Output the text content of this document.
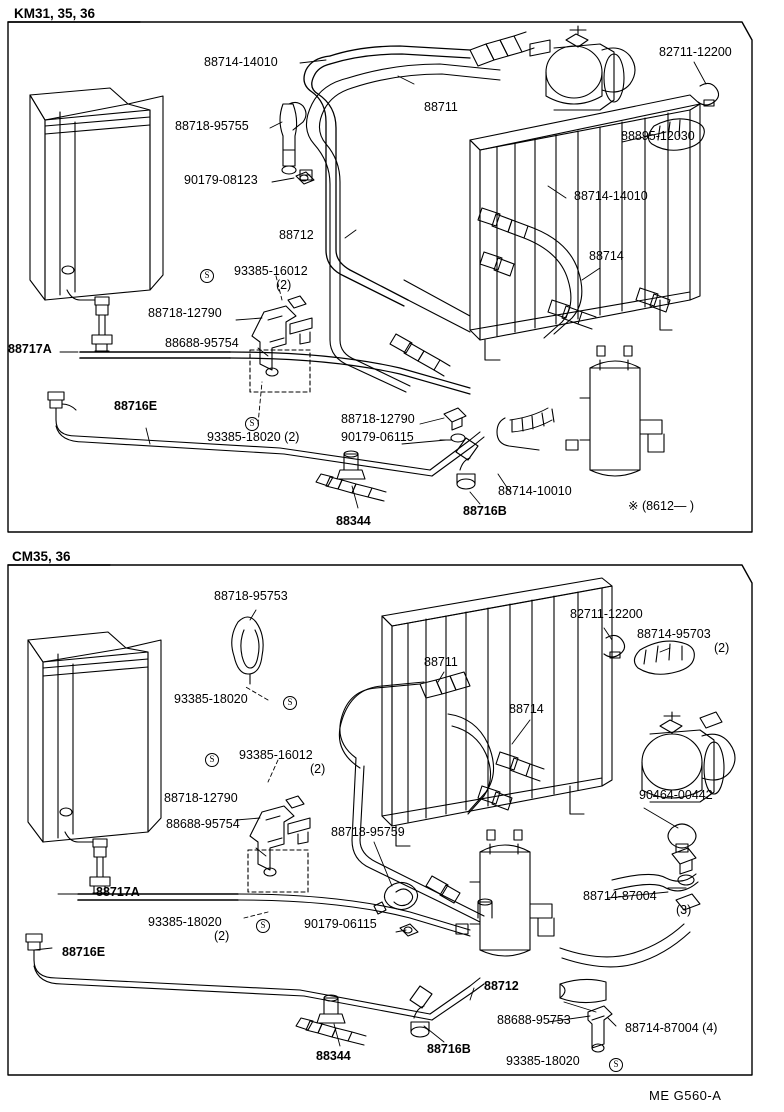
KM31, 35, 36
88714-14010
82711-12200
88711
88718-95755
88895-12030
90179-08123
88714-14010
88712
88714
S	93385-16012
(2)
88718-12790
88688-95754
88717A
88716E
S
93385-18020 (2)
88718-12790
90179-06115
88714-10010
88716B
88344
※ (8612— )
CM35, 36
88718-95753
82711-12200
88714-95703
(2)
88711
88714
93385-18020	S
S	93385-16012
(2)
88718-12790
88688-95754
88718-95759
90464-00442
88714-87004
(3)
88717A
93385-18020	S
(2)
90179-06115
88716E
88712
88688-95753
88714-87004 (4)
93385-18020	S
88344	88716B
ME G560-A
